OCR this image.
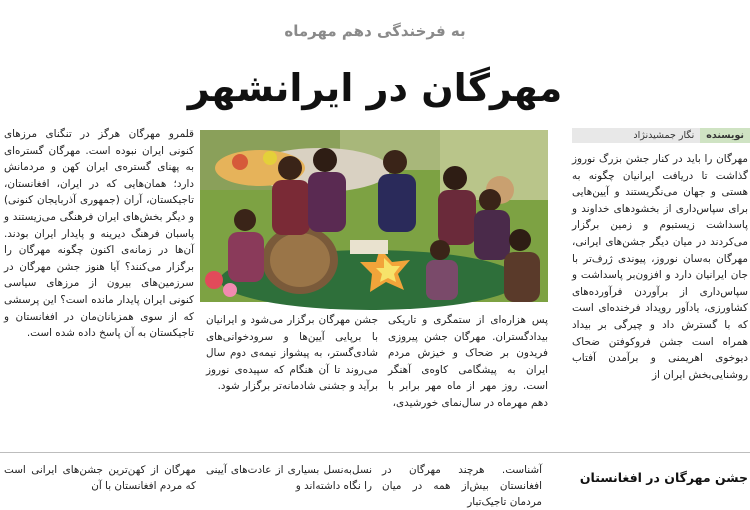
به فرخندگی دهم مهرماه
مهرگان در ایرانشهر
نویسنده
نگار جمشیدنژاد

مهرگان را باید در کنار جشن بزرگ نوروز گذاشت تا دریافت ایرانیان چگونه به هستی و جهان می‌نگریستند و آیین‌هایی برای سپاس‌داری از بخشودهای خداوند و پاسداشت زیستبوم و زمین برگزار می‌کردند در میان دیگر جشن‌های ایرانی، مهرگان به‌سان نوروز، پیوندی ژرف‌تر با جان ایرانیان دارد و افزون‌بر پاسداشت و سپاس‌داری از برآوردن فرآورده‌های کشاورزی، یادآور رویداد فرخنده‌ای است که با گسترش داد و چیرگی بر بیداد همراه است جشن فروکوفتن ضحاک دیوخوی اهریمنی و برآمدن آفتاب روشنایی‌بخش ایران از

قلمرو مهرگان هرگز در تنگنای مرزهای کنونی ایران نبوده است. مهرگان گستره‌ای به پهنای گستره‌ی ایران کهن و مردمانش دارد؛ همان‌هایی که در ایران، افغانستان، تاجیکستان، آران (جمهوری آذربایجان کنونی) و دیگر بخش‌های ایران فرهنگی می‌زیستند و پاسبان فرهنگ دیرینه و پایدار ایران بودند. آن‌ها در زمانه‌ی اکنون چگونه مهرگان را برگزار می‌کنند؟ آیا هنوز جشن مهرگان در سرزمین‌های بیرون از مرزهای سیاسی کنونی ایران پایدار مانده است؟ این پرسشی که از سوی همزبانان‌مان در افغانستان و تاجیکستان به آن پاسخ داده شده است.

پس هزاره‌ای از ستمگری و تاریکی بیدادگستران. مهرگان جشن پیروزی فریدون بر ضحاک و خیزش مردم ایران به پیشگامی کاوه‌ی آهنگر است. روز مهر از ماه مهر برابر با دهم مهرماه در سال‌نمای خورشیدی،

جشن مهرگان برگزار می‌شود و ایرانیان با برپایی آیین‌ها و سرودخوانی‌های شادی‌گستر، به پیشواز نیمه‌ی دوم سال می‌روند تا آن هنگام که سپیده‌ی نوروز برآید و جشنی شادمانه‌تر برگزار شود.

جشن مهرگان در افغانستان
آشناست. هرچند مهرگان در افغانستان بیش‌از همه در میان مردمان تاجیک‌تبار
نسل‌به‌نسل بسیاری از عادت‌های آیینی را نگاه داشته‌اند و
مهرگان از کهن‌ترین جشن‌های ایرانی است که مردم افغانستان با آن
